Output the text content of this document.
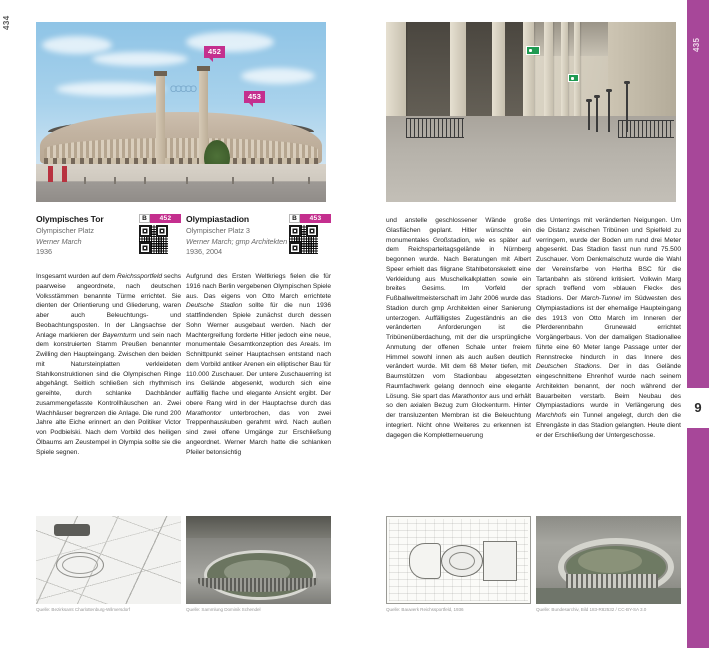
434
OOOOO
452
453
Olympisches Tor
Olympischer Platz
Werner March
1936
B	452	Olympiastadion
Olympischer Platz 3
Werner March; gmp Architekten
1936, 2004
B	453
Insgesamt wurden auf dem Reichssportfeld sechs paarweise angeordnete, nach deutschen Volksstämmen benannte Türme errichtet. Sie dienten der Orientierung und Gliederung, waren aber auch Beleuchtungs- und Beobachtungsposten. In der Längsachse der Anlage markieren der Bayernturm und sein nach dem konstruierten Stamm Preußen benannter Zwilling den Haupteingang. Zwischen den beiden mit Natursteinplatten verkleideten Stahlkonstruktionen sind die Olympischen Ringe abgehängt. Seitlich schließen sich rhythmisch gereihte, durch schlanke Dachbänder zusammengefasste Kontrollhäuschen an. Zwei Wachhäuser begrenzen die Anlage. Die rund 200 Jahre alte Eiche erinnert an den Politiker Victor von Podbielski. Nach dem Vorbild des heiligen Ölbaums am Zeustempel in Olympia sollte sie die Spiele segnen.
Aufgrund des Ersten Weltkriegs fielen die für 1916 nach Berlin vergebenen Olympischen Spiele aus. Das eigens von Otto March errichtete Deutsche Stadion sollte für die nun 1936 stattfindenden Spiele zunächst durch dessen Sohn Werner ausgebaut werden. Nach der Machtergreifung forderte Hitler jedoch eine neue, monumentale Gesamtkonzeption des Areals. Im Schnittpunkt seiner Hauptachsen entstand nach dem Vorbild antiker Arenen ein elliptischer Bau für 110.000 Zuschauer. Der untere Zuschauerring ist ins Gelände abgesenkt, wodurch sich eine auffällig flache und elegante Ansicht ergibt. Der obere Rang wird in der Hauptachse durch das Marathontor unterbrochen, das von zwei Treppenhauskuben gerahmt wird. Nach außen sind zwei offene Umgänge zur Erschließung angeordnet. Werner March hatte die schlanken Pfeiler betonsichtig
und anstelle geschlossener Wände große Glasflächen geplant. Hitler wünschte ein monumentales Großstadion, wie es später auf dem Reichsparteitagsgelände in Nürnberg begonnen wurde. Nach Beratungen mit Albert Speer erhielt das filigrane Stahlbetonskelett eine Verkleidung aus Muschelkalkplatten sowie ein breites Gesims. Im Vorfeld der Fußballweltmeisterschaft im Jahr 2006 wurde das Stadion durch gmp Architekten einer Sanierung unterzogen. Auffälligstes Zugeständnis an die veränderten Anforderungen ist die Tribünenüberdachung, mit der die ursprüngliche Anmutung der offenen Schale unter freiem Himmel sowohl innen als auch außen deutlich verändert wurde. Mit dem 68 Meter tiefen, mit Baumstützen vom Stadionbau abgesetzten Raumfachwerk gelang dennoch eine elegante Lösung. Sie spart das Marathontor aus und erhält so den axialen Bezug zum Glockenturm. Hinter der transluzenten Membran ist die Beleuchtung integriert. Nicht ohne Weiteres zu erkennen ist dagegen die Kompletterneuerung
des Unterrings mit veränderten Neigungen. Um die Distanz zwischen Tribünen und Spielfeld zu verringern, wurde der Boden um rund drei Meter abgesenkt. Das Stadion fasst nun rund 75.500 Zuschauer. Vom Denkmalschutz wurde die Wahl der Vereinsfarbe von Hertha BSC für die Tartanbahn als störend kritisiert. Volkwin Marg sprach treffend vom »blauen Fleck« des Stadions. Der March-Tunnel im Südwesten des Olympiastadions ist der ehemalige Haupteingang des 1913 von Otto March im Inneren der Pferderennbahn Grunewald errichtet Vorgängerbaus. Von der damaligen Stadionallee führte eine 60 Meter lange Passage unter der Rennstrecke hindurch in das Innere des Deutschen Stadions. Der in das Gelände eingeschnittene Ehrenhof wurde nach seinem Architekten benannt, der noch während der Bauarbeiten verstarb. Beim Neubau des Olympiastadions wurde in Verlängerung des Marchhofs ein Tunnel angelegt, durch den die Ehrengäste in das Stadion gelangten. Heute dient er der Erschließung der Untergeschosse.
Quelle: Bezirksamt Charlottenburg-Wilmersdorf	Quelle: Sammlung Dominik Schendel	Quelle: Bauwerk Reichssportfeld, 1936	Quelle: Bundesarchiv, Bild 183-R82532 / CC-BY-SA 3.0
435
Messe und Olympia
9
